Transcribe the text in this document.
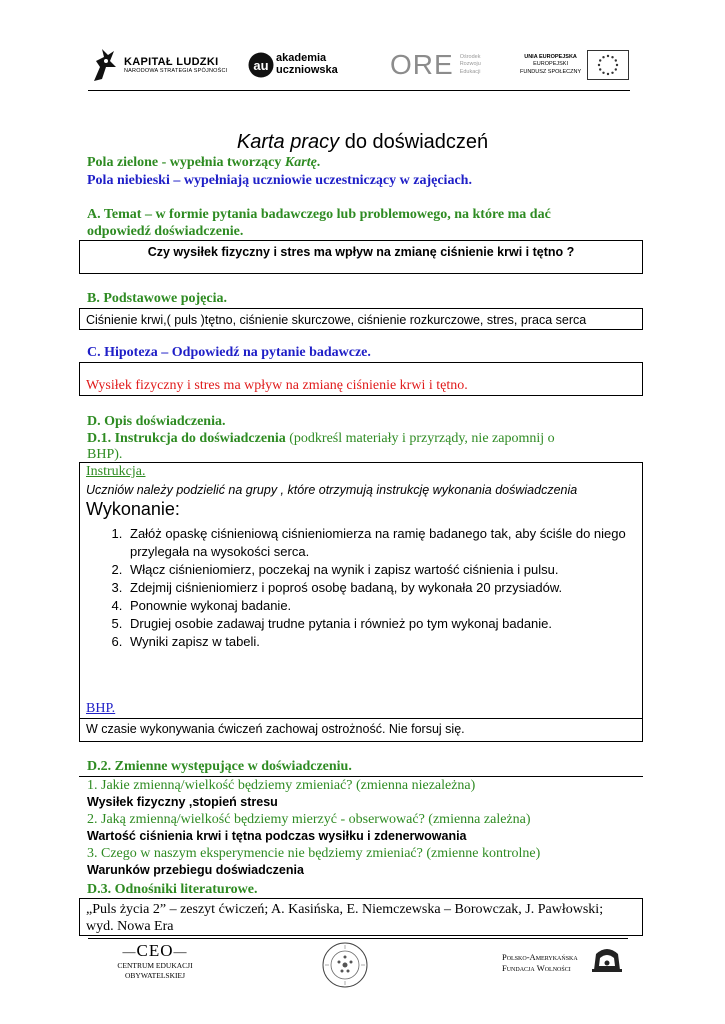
KAPITAŁ LUDZKI
NARODOWA STRATEGIA SPÓJNOŚCI au akademia
uczniowska ORE Ośrodek
Rozwoju
Edukacji
UNIA EUROPEJSKA
EUROPEJSKI
FUNDUSZ SPOŁECZNY
Karta pracy do doświadczeń
Pola zielone - wypełnia tworzący Kartę.
Pola niebieski – wypełniają uczniowie uczestniczący w zajęciach.
A. Temat – w formie pytania badawczego lub problemowego, na które ma dać
odpowiedź doświadczenie.
Czy wysiłek fizyczny i stres ma wpływ na zmianę ciśnienie krwi i tętno ?
B. Podstawowe pojęcia.
Ciśnienie krwi,( puls )tętno, ciśnienie skurczowe, ciśnienie rozkurczowe, stres, praca serca
C. Hipoteza – Odpowiedź na pytanie badawcze.
Wysiłek fizyczny i stres ma wpływ na zmianę ciśnienie krwi i tętno.
D. Opis doświadczenia.
D.1. Instrukcja do doświadczenia (podkreśl materiały i przyrządy, nie zapomnij o
BHP).
Instrukcja.
Uczniów należy podzielić na grupy , które otrzymują instrukcję wykonania doświadczenia
Wykonanie:
1. Załóż opaskę ciśnieniową ciśnieniomierza na ramię badanego tak, aby ściśle do niego przylegała na wysokości serca.
2. Włącz ciśnieniomierz, poczekaj na wynik i zapisz wartość ciśnienia i pulsu.
3. Zdejmij ciśnieniomierz i poproś osobę badaną, by wykonała 20 przysiadów.
4. Ponownie wykonaj badanie.
5. Drugiej osobie zadawaj trudne pytania i również po tym wykonaj badanie.
6. Wyniki zapisz w tabeli.
BHP.
W czasie wykonywania ćwiczeń zachowaj ostrożność. Nie forsuj się.
D.2. Zmienne występujące w doświadczeniu.
1. Jakie zmienną/wielkość będziemy zmieniać? (zmienna niezależna)
Wysiłek fizyczny ,stopień stresu
2. Jaką zmienną/wielkość będziemy mierzyć - obserwować? (zmienna zależna)
Wartość ciśnienia krwi i tętna podczas wysiłku i zdenerwowania
3. Czego w naszym eksperymencie nie będziemy zmieniać? (zmienne kontrolne)
Warunków przebiegu doświadczenia
D.3. Odnośniki literaturowe.
„Puls życia 2” – zeszyt ćwiczeń; A. Kasińska, E. Niemczewska – Borowczak, J. Pawłowski;
wyd. Nowa Era
—CEO—
CENTRUM EDUKACJI OBYWATELSKIEJ
Polsko-Amerykańska
Fundacja Wolności
